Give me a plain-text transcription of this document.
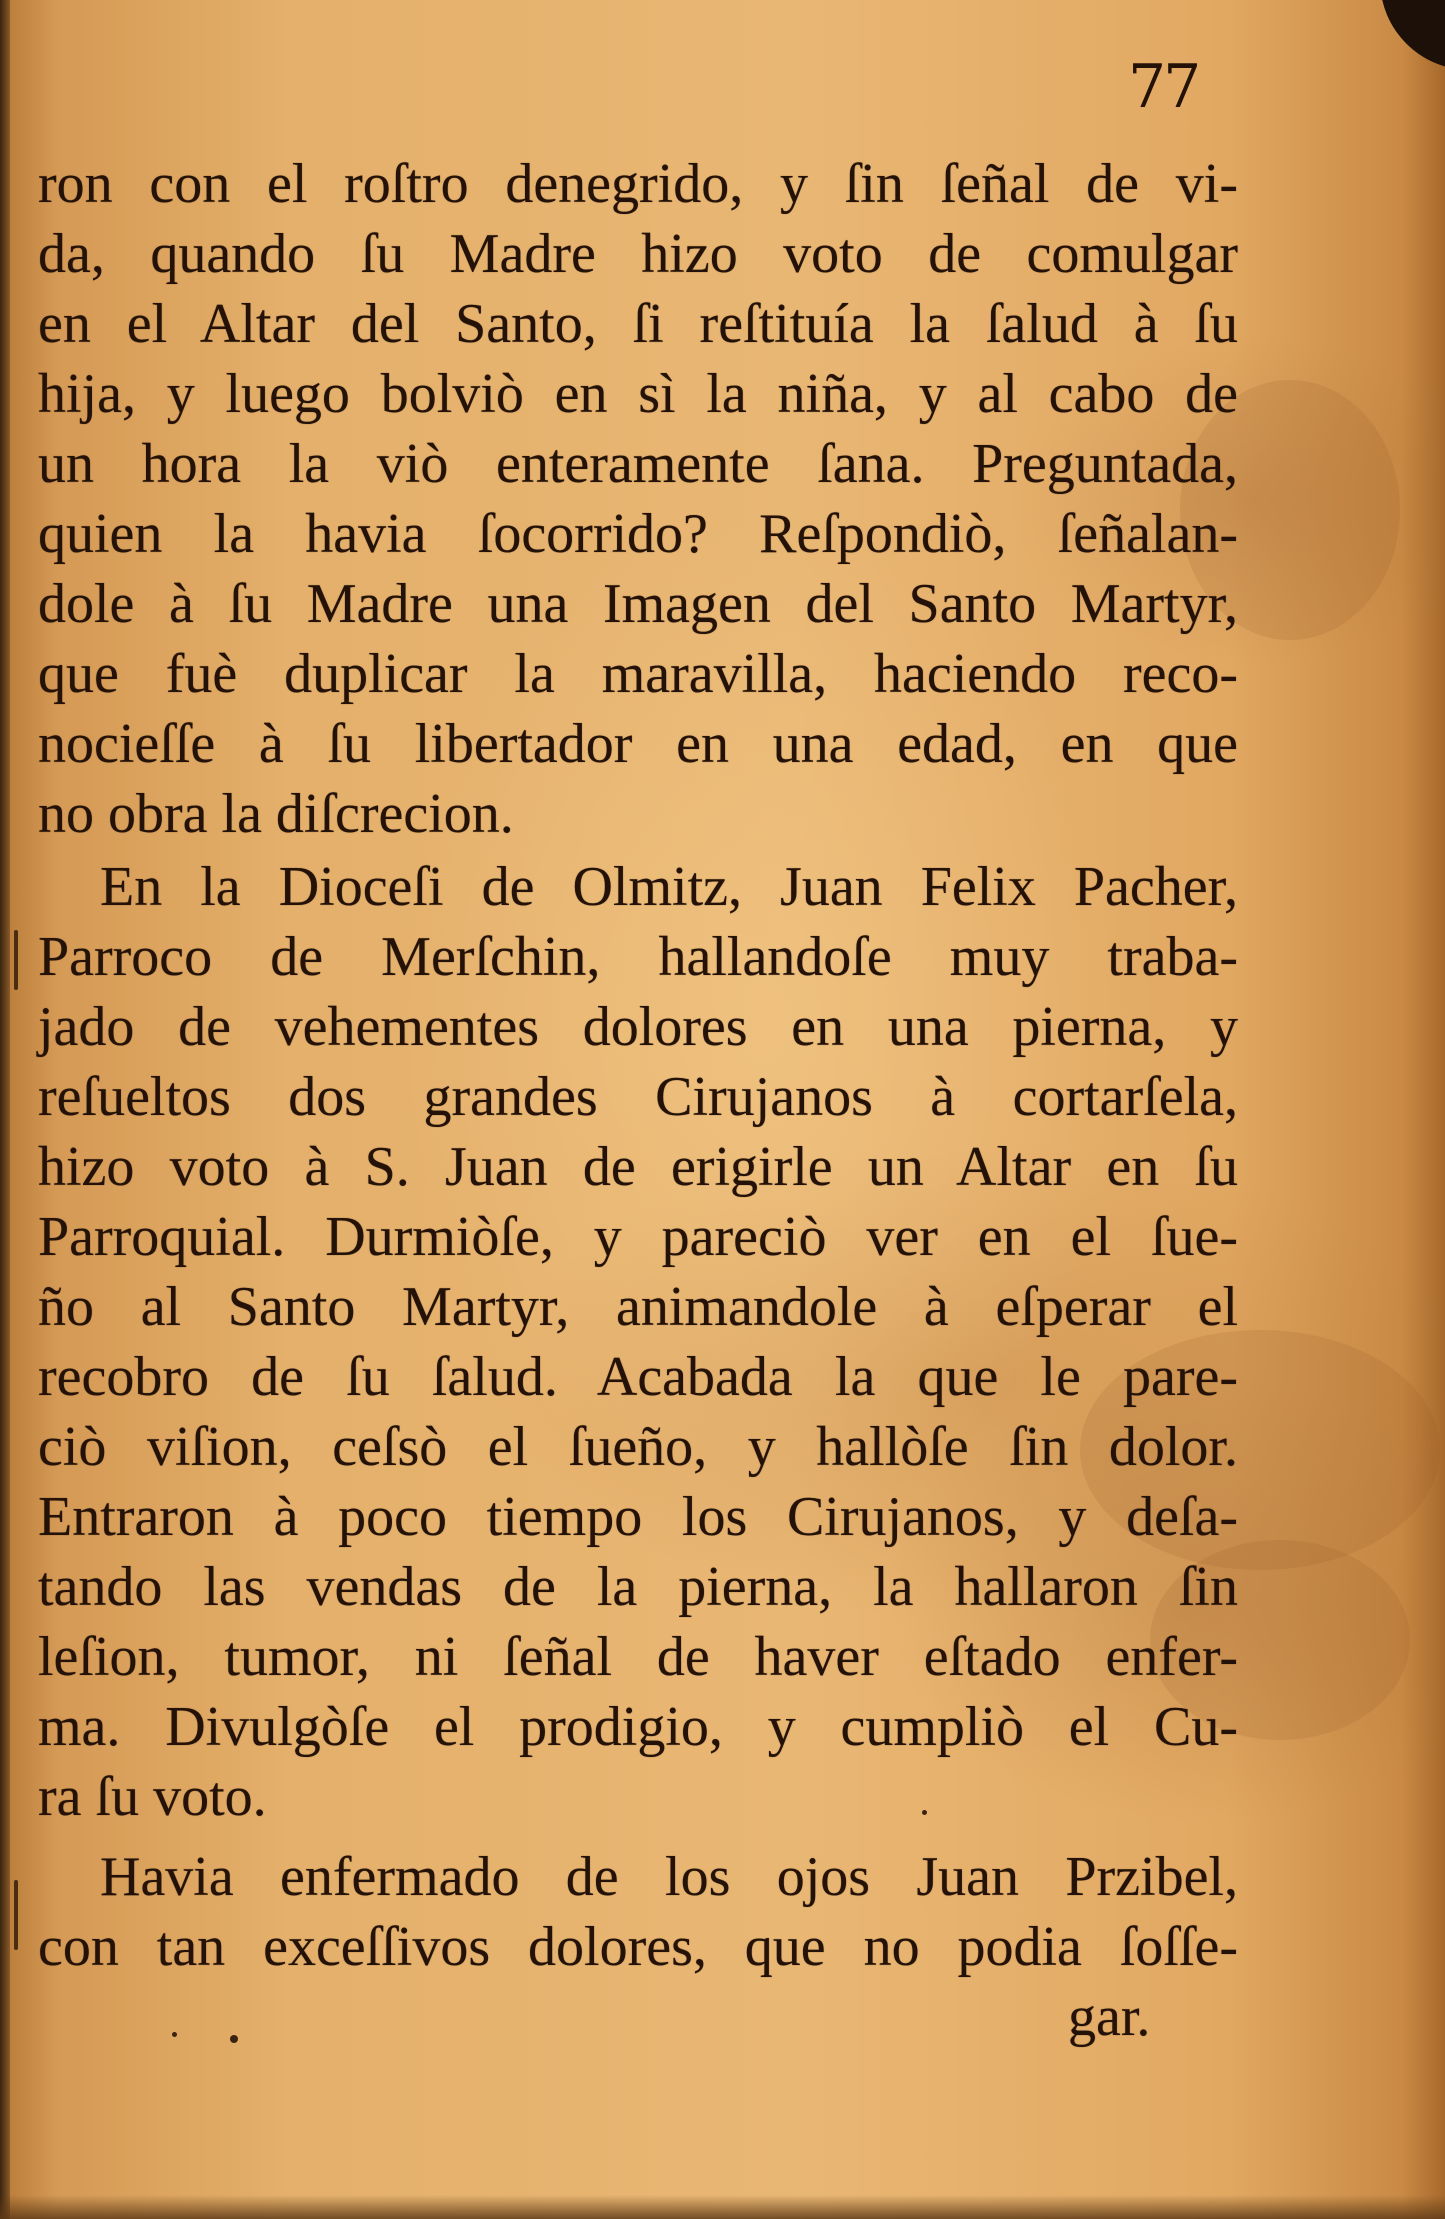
77
ron con el roſtro denegrido, y ſin ſeñal de vi-
da, quando ſu Madre hizo voto de comulgar
en el Altar del Santo, ſi reſtituía la ſalud à ſu
hija, y luego bolviò en sì la niña, y al cabo de
un hora la viò enteramente ſana. Preguntada,
quien la havia ſocorrido? Reſpondiò, ſeñalan-
dole à ſu Madre una Imagen del Santo Martyr,
que fuè duplicar la maravilla, haciendo reco-
nocieſſe à ſu libertador en una edad, en que
no obra la diſcrecion.
En la Dioceſi de Olmitz, Juan Felix Pacher,
Parroco de Merſchin, hallandoſe muy traba-
jado de vehementes dolores en una pierna, y
reſueltos dos grandes Cirujanos à cortarſela,
hizo voto à S. Juan de erigirle un Altar en ſu
Parroquial. Durmiòſe, y pareciò ver en el ſue-
ño al Santo Martyr, animandole à eſperar el
recobro de ſu ſalud. Acabada la que le pare-
ciò viſion, ceſsò el ſueño, y hallòſe ſin dolor.
Entraron à poco tiempo los Cirujanos, y deſa-
tando las vendas de la pierna, la hallaron ſin
leſion, tumor, ni ſeñal de haver eſtado enfer-
ma. Divulgòſe el prodigio, y cumpliò el Cu-
ra ſu voto.
Havia enfermado de los ojos Juan Przibel,
con tan exceſſivos dolores, que no podia ſoſſe-
gar.
